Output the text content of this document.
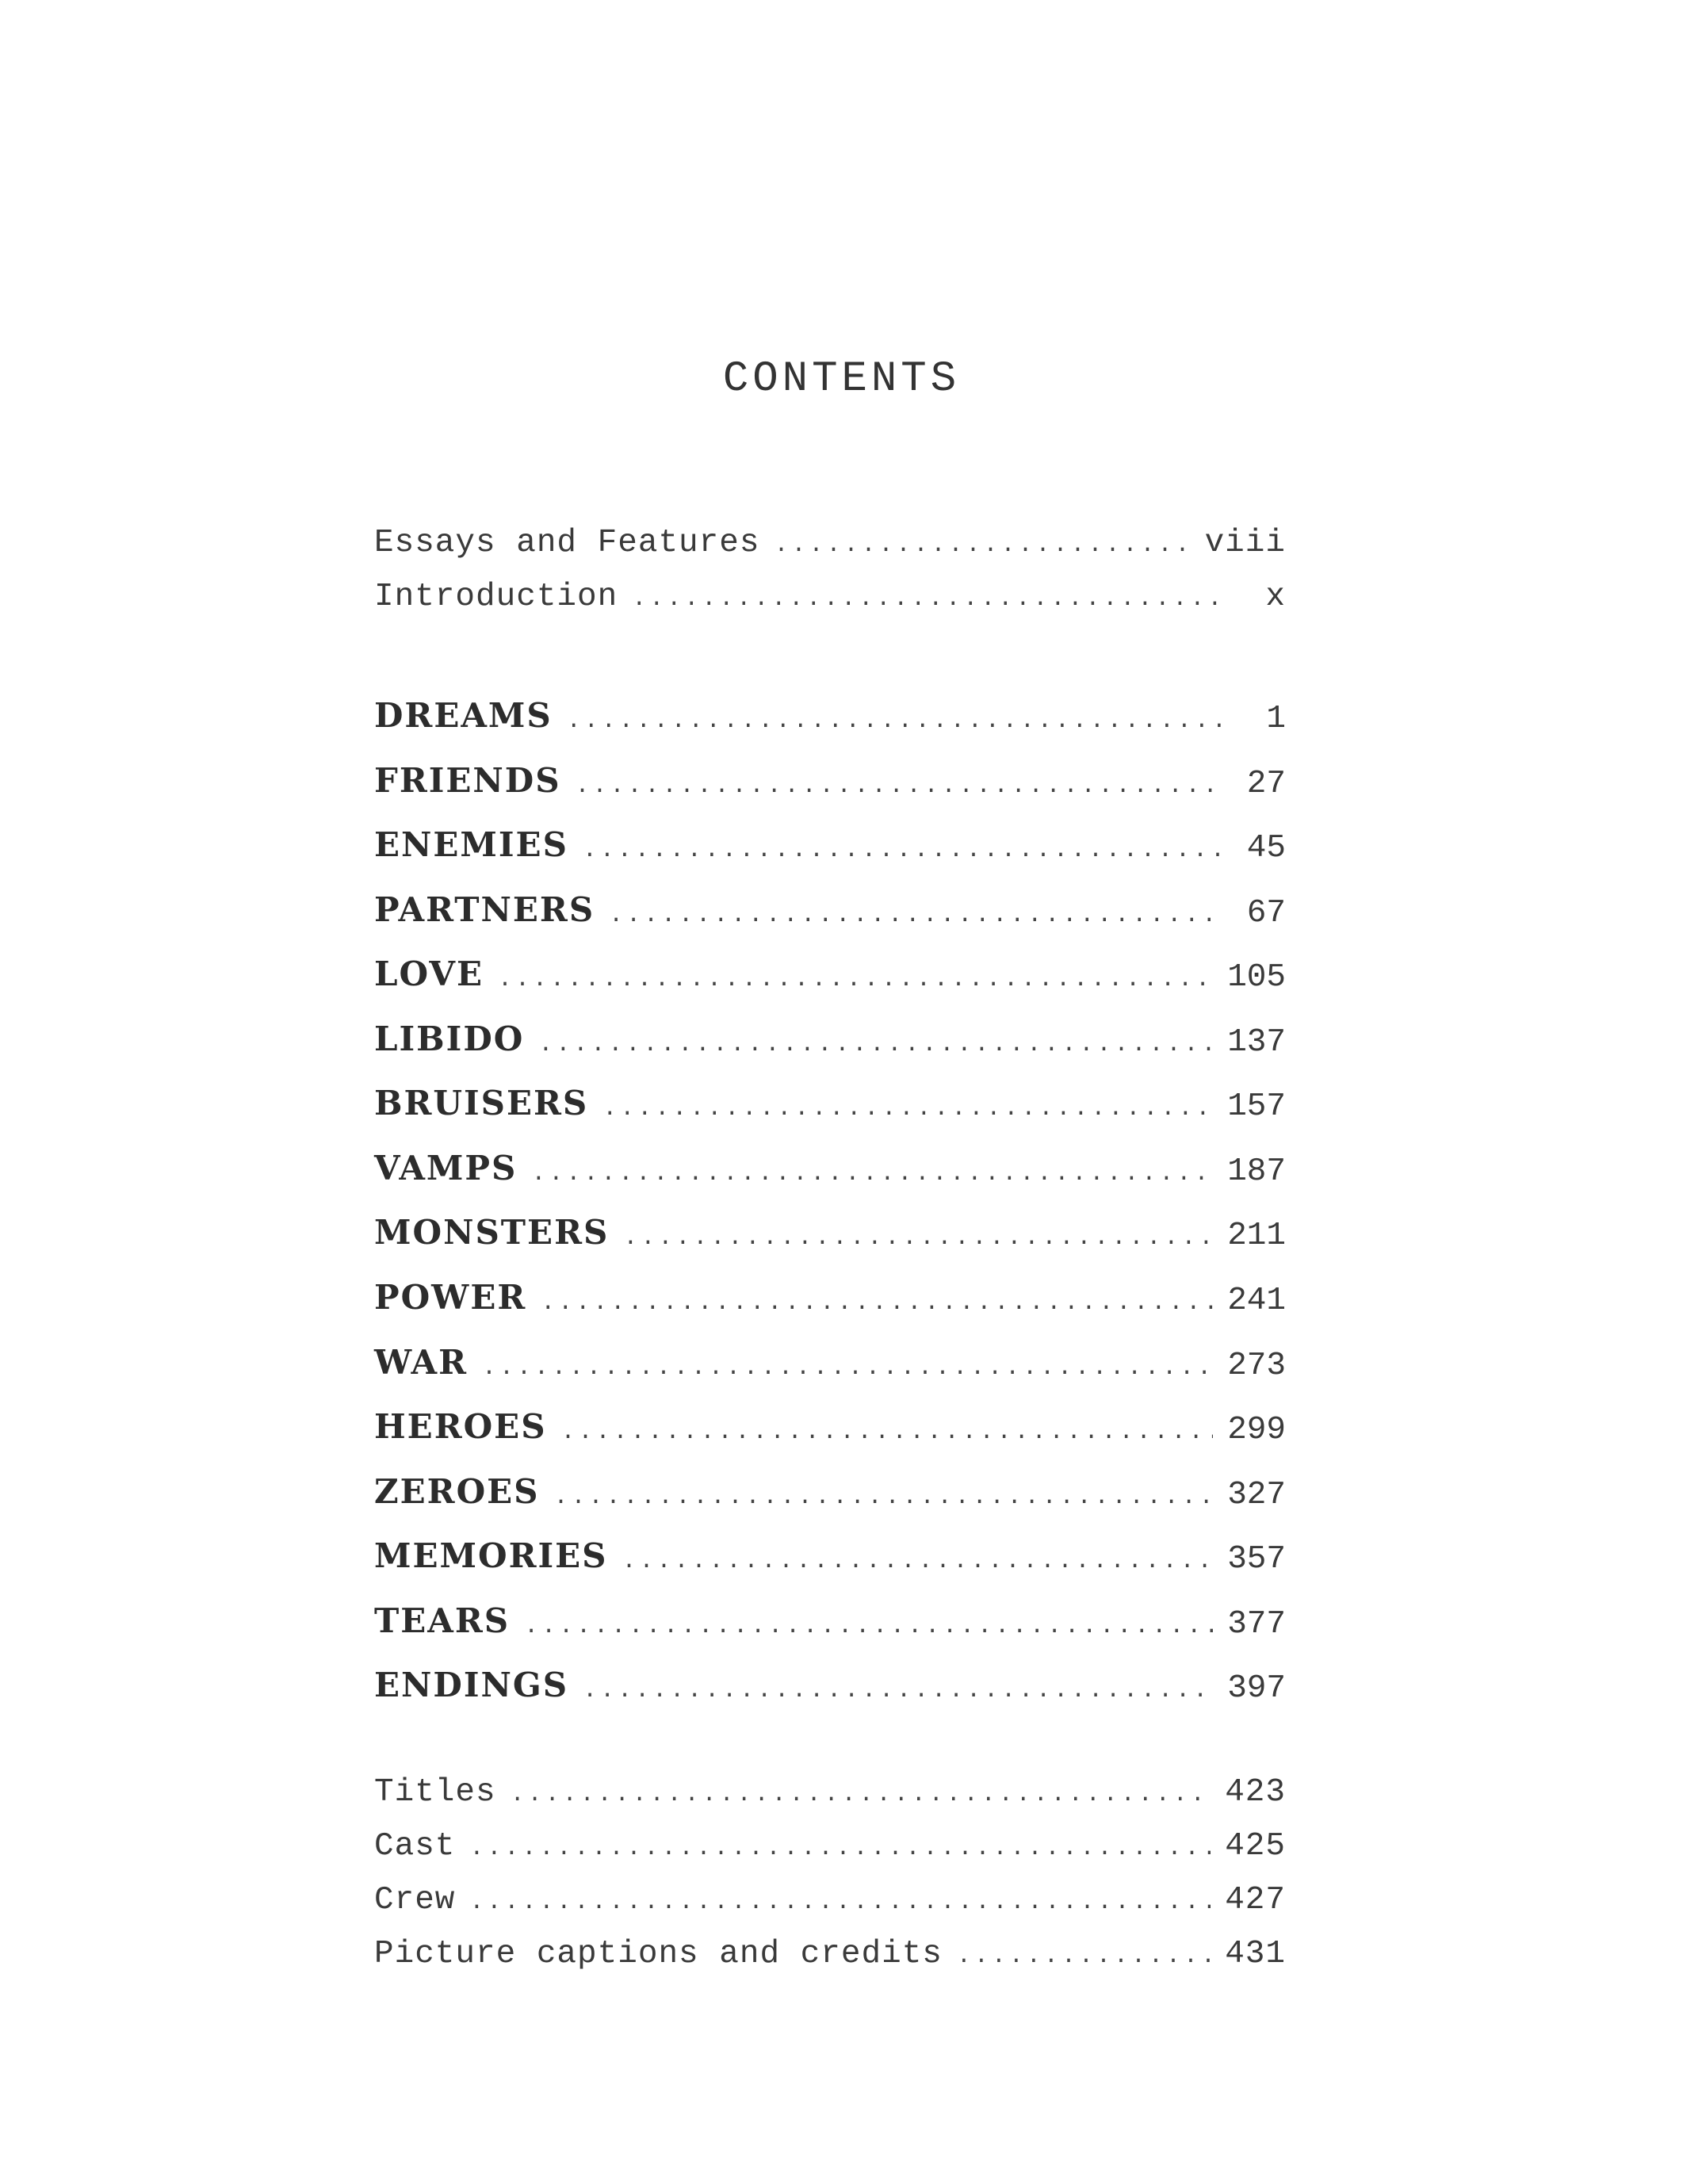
CONTENTS
Essays and Features .....	viii
Introduction .....	x
DREAMS .....	1
FRIENDS .....	27
ENEMIES .....	45
PARTNERS .....	67
LOVE .....	105
LIBIDO .....	137
BRUISERS .....	157
VAMPS .....	187
MONSTERS .....	211
POWER .....	241
WAR .....	273
HEROES .....	299
ZEROES .....	327
MEMORIES .....	357
TEARS .....	377
ENDINGS .....	397
Titles .....	423
Cast .....	425
Crew .....	427
Picture captions and credits .....	431
